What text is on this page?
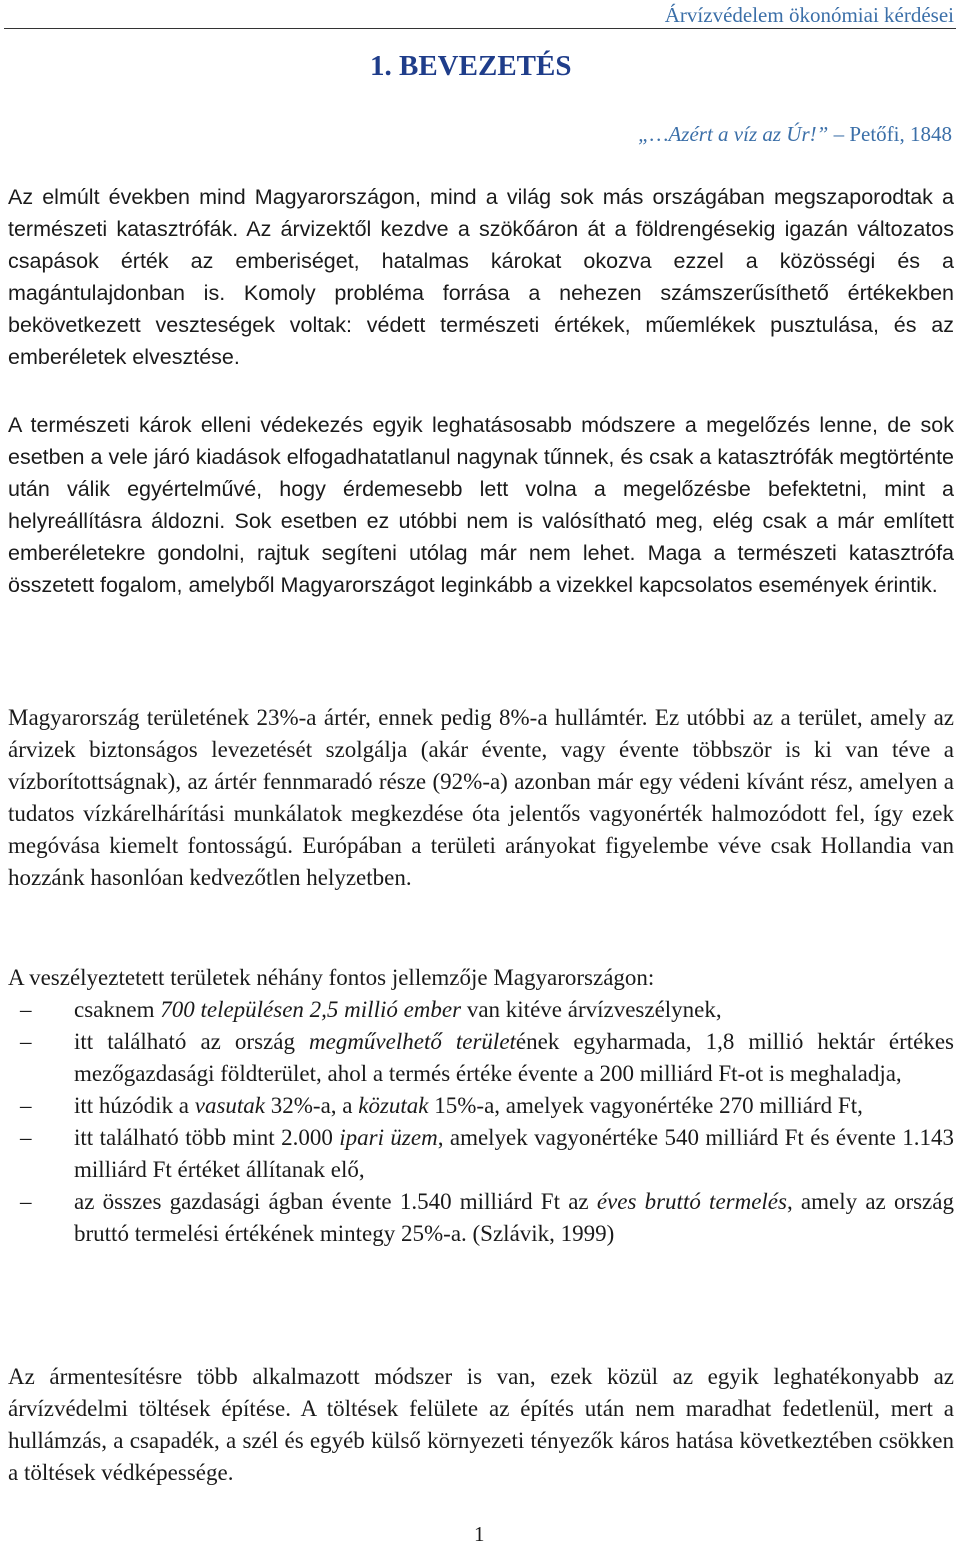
Árvízvédelem ökonómiai kérdései
1. BEVEZETÉS
„…Azért a víz az Úr!” – Petőfi, 1848

Az elmúlt években mind Magyarországon, mind a világ sok más országában megszaporodtak a természeti katasztrófák. Az árvizektől kezdve a szökőáron át a földrengésekig igazán változatos csapások érték az emberiséget, hatalmas károkat okozva ezzel a közösségi és a magántulajdonban is. Komoly probléma forrása a nehezen számszerűsíthető értékekben bekövetkezett veszteségek voltak: védett természeti értékek, műemlékek pusztulása, és az emberéletek elvesztése.

A természeti károk elleni védekezés egyik leghatásosabb módszere a megelőzés lenne, de sok esetben a vele járó kiadások elfogadhatatlanul nagynak tűnnek, és csak a katasztrófák megtörténte után válik egyértelművé, hogy érdemesebb lett volna a megelőzésbe befektetni, mint a helyreállításra áldozni. Sok esetben ez utóbbi nem is valósítható meg, elég csak a már említett emberéletekre gondolni, rajtuk segíteni utólag már nem lehet. Maga a természeti katasztrófa összetett fogalom, amelyből Magyarországot leginkább a vizekkel kapcsolatos események érintik.

Magyarország területének 23%-a ártér, ennek pedig 8%-a hullámtér. Ez utóbbi az a terület, amely az árvizek biztonságos levezetését szolgálja (akár évente, vagy évente többször is ki van téve a vízborítottságnak), az ártér fennmaradó része (92%-a) azonban már egy védeni kívánt rész, amelyen a tudatos vízkárelhárítási munkálatok megkezdése óta jelentős vagyonérték halmozódott fel, így ezek megóvása kiemelt fontosságú. Európában a területi arányokat figyelembe véve csak Hollandia van hozzánk hasonlóan kedvezőtlen helyzetben.

A veszélyeztetett területek néhány fontos jellemzője Magyarországon:

– csaknem 700 településen 2,5 millió ember van kitéve árvízveszélynek,
– itt található az ország megművelhető területének egyharmada, 1,8 millió hektár értékes mezőgazdasági földterület, ahol a termés értéke évente a 200 milliárd Ft-ot is meghaladja,
– itt húzódik a vasutak 32%-a, a közutak 15%-a, amelyek vagyonértéke 270 milliárd Ft,
– itt található több mint 2.000 ipari üzem, amelyek vagyonértéke 540 milliárd Ft és évente 1.143 milliárd Ft értéket állítanak elő,
– az összes gazdasági ágban évente 1.540 milliárd Ft az éves bruttó termelés, amely az ország bruttó termelési értékének mintegy 25%-a. (Szlávik, 1999)

Az ármentesítésre több alkalmazott módszer is van, ezek közül az egyik leghatékonyabb az árvízvédelmi töltések építése. A töltések felülete az építés után nem maradhat fedetlenül, mert a hullámzás, a csapadék, a szél és egyéb külső környezeti tényezők káros hatása következtében csökken a töltések védképessége.

1
